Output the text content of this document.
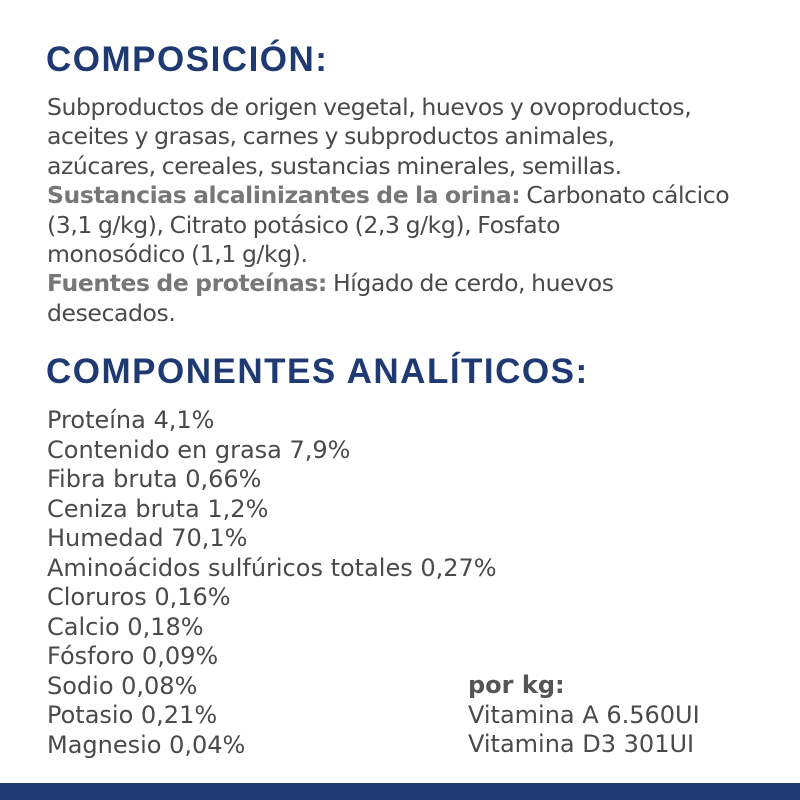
COMPOSICIÓN:
Subproductos de origen vegetal, huevos y ovoproductos,
aceites y grasas, carnes y subproductos animales,
azúcares, cereales, sustancias minerales, semillas.
Sustancias alcalinizantes de la orina: Carbonato cálcico
(3,1 g/kg), Citrato potásico (2,3 g/kg), Fosfato
monosódico (1,1 g/kg).
Fuentes de proteínas: Hígado de cerdo, huevos
desecados.
COMPONENTES ANALÍTICOS:
Proteína 4,1%
Contenido en grasa 7,9%
Fibra bruta 0,66%
Ceniza bruta 1,2%
Humedad 70,1%
Aminoácidos sulfúricos totales 0,27%
Cloruros 0,16%
Calcio 0,18%
Fósforo 0,09%
Sodio 0,08%
Potasio 0,21%
Magnesio 0,04%
por kg:
Vitamina A 6.560UI
Vitamina D3 301UI
